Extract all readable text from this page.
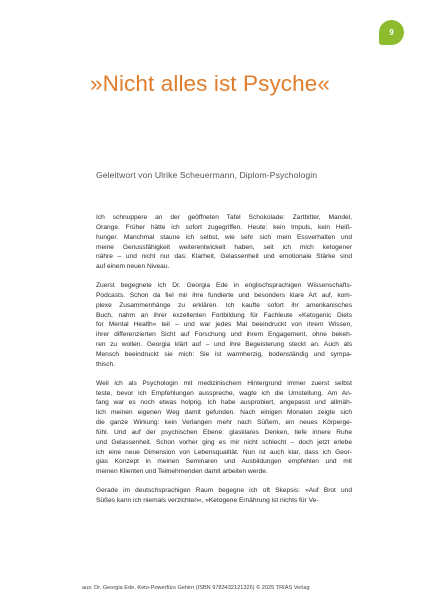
9
»Nicht alles ist Psyche«
Geleitwort von Ulrike Scheuermann, Diplom-Psychologin

Ich schnuppere an der geöffneten Tafel Schokolade: Zartbitter, Mandel,
Orange. Früher hätte ich sofort zugegriffen. Heute: kein Impuls, kein Heiß-
hunger. Manchmal staune ich selbst, wie sehr sich mein Essverhalten und
meine Genussfähigkeit weiterentwickelt haben, seit ich mich ketogener
nähre – und nicht nur das: Klarheit, Gelassenheit und emotionale Stärke sind
auf einem neuen Niveau.

Zuerst begegnete ich Dr. Georgia Ede in englischsprachigen Wissenschafts-
Podcasts. Schon da fiel mir ihre fundierte und besonders klare Art auf, kom-
plexe Zusammenhänge zu erklären. Ich kaufte sofort ihr amerikanisches
Buch, nahm an ihrer exzellenten Fortbildung für Fachleute »Ketogenic Diets
for Mental Health« teil – und war jedes Mal beeindruckt von ihrem Wissen,
ihrer differenzierten Sicht auf Forschung und ihrem Engagement, ohne bekeh-
ren zu wollen. Georgia klärt auf – und ihre Begeisterung steckt an. Auch als
Mensch beeindruckt sie mich: Sie ist warmherzig, bodenständig und sympa-
thisch.

Weil ich als Psychologin mit medizinischem Hintergrund immer zuerst selbst
teste, bevor ich Empfehlungen ausspreche, wagte ich die Umstellung. Am An-
fang war es noch etwas holprig. Ich habe ausprobiert, angepasst und allmäh-
lich meinen eigenen Weg damit gefunden. Nach einigen Monaten zeigte sich
die ganze Wirkung: kein Verlangen mehr nach Süßem, ein neues Körperge-
fühl. Und auf der psychischen Ebene: glasklares Denken, tiefe innere Ruhe
und Gelassenheit. Schon vorher ging es mir nicht schlecht – doch jetzt erlebe
ich eine neue Dimension von Lebensqualität. Nun ist auch klar, dass ich Geor-
gias Konzept in meinen Seminaren und Ausbildungen empfehlen und mit
meinen Klienten und Teilnehmenden damit arbeiten werde.

Gerade im deutschsprachigen Raum begegne ich oft Skepsis: »Auf Brot und
Süßes kann ich niemals verzichten«, »Ketogene Ernährung ist nichts für Ve-

aus: Dr. Georgia Ede, Keto-Powerfürs Gehirn (ISBN 9783432121326) © 2025 TRIAS Verlag
